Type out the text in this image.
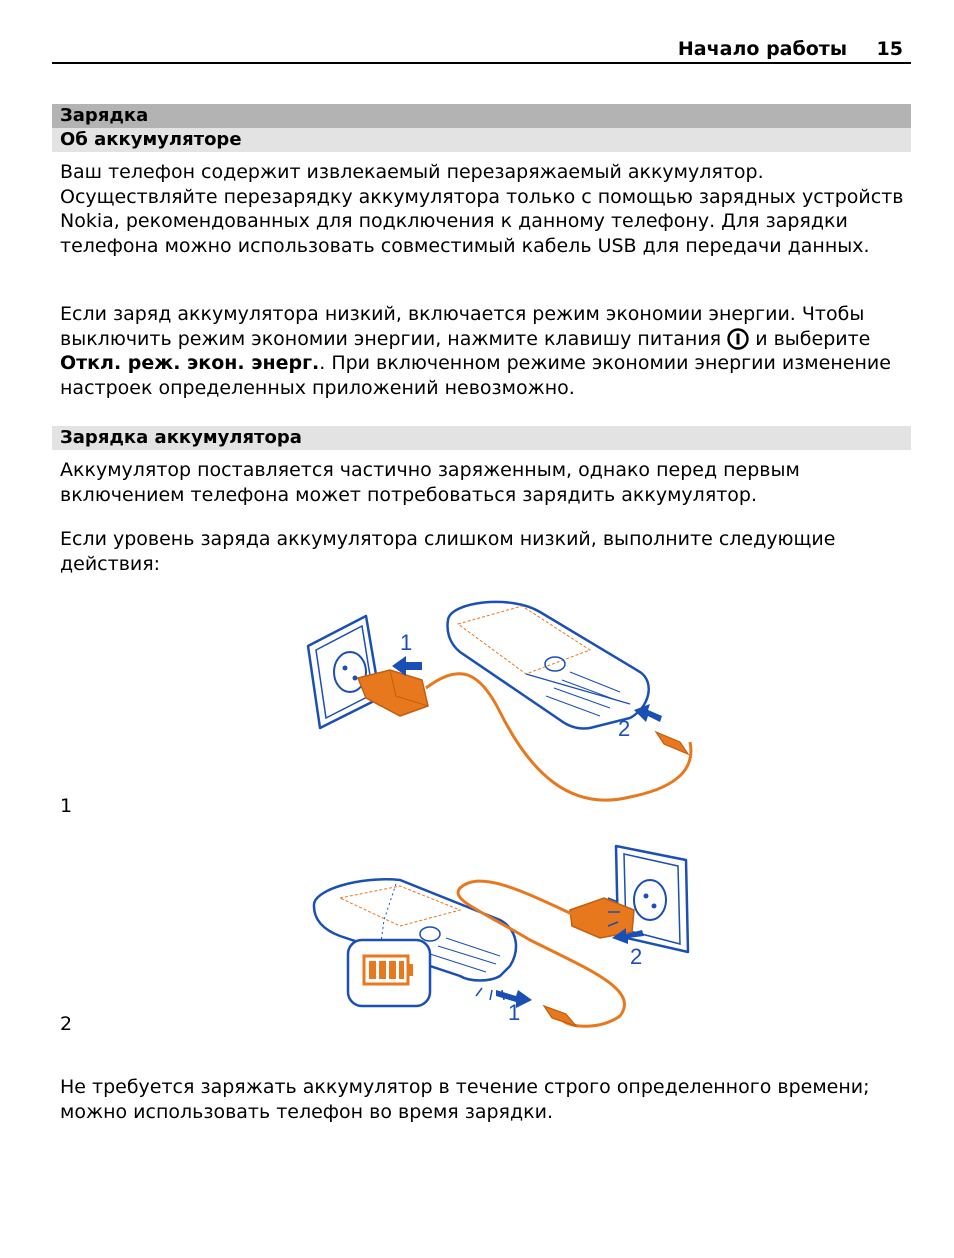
Начало работы 15
Зарядка
Об аккумуляторе

Ваш телефон содержит извлекаемый перезаряжаемый аккумулятор. Осуществляйте перезарядку аккумулятора только с помощью зарядных устройств Nokia, рекомендованных для подключения к данному телефону. Для зарядки телефона можно использовать совместимый кабель USB для передачи данных.

Если заряд аккумулятора низкий, включается режим экономии энергии. Чтобы выключить режим экономии энергии, нажмите клавишу питания  и выберите Откл. реж. экон. энерг.. При включенном режиме экономии энергии изменение настроек определенных приложений невозможно.

Зарядка аккумулятора

Аккумулятор поставляется частично заряженным, однако перед первым включением телефона может потребоваться зарядить аккумулятор.

Если уровень заряда аккумулятора слишком низкий, выполните следующие действия:

1
2
1
1
2
2

Не требуется заряжать аккумулятор в течение строго определенного времени; можно использовать телефон во время зарядки.
